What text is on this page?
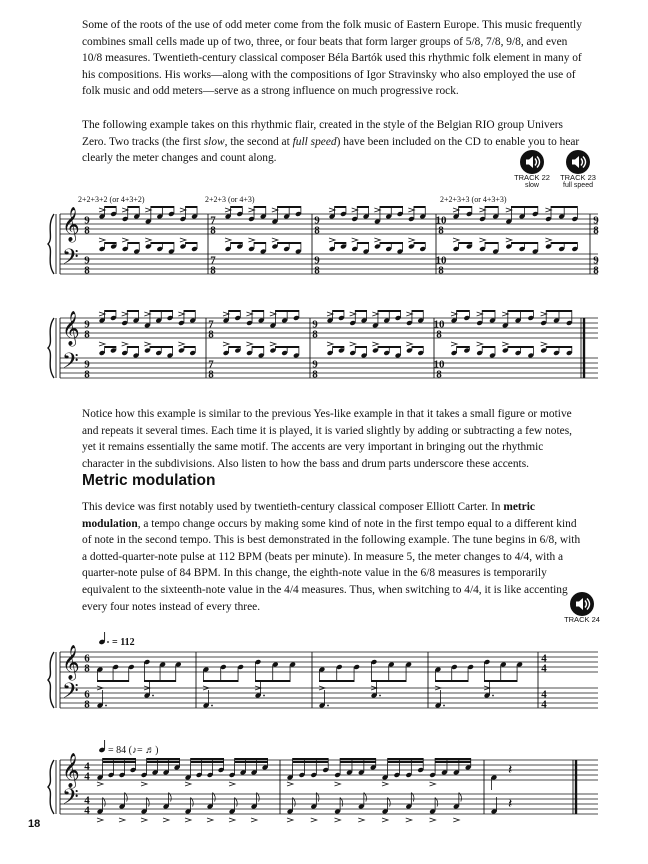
Some of the roots of the use of odd meter come from the folk music of Eastern Europe. This music frequently combines small cells made up of two, three, or four beats that form larger groups of 5/8, 7/8, 9/8, and even 10/8 measures. Twentieth-century classical composer Béla Bartók used this rhythmic folk element in many of his compositions. His works—along with the compositions of Igor Stravinsky who also employed the use of folk music and odd meters—serve as a strong influence on much progressive rock.

The following example takes on this rhythmic flair, created in the style of the Belgian RIO group Univers Zero. Two tracks (the first slow, the second at full speed) have been included on the CD to enable you to hear clearly the meter changes and count along.

TRACK 22
slow
TRACK 23
full speed
2+2+3+2 (or 4+3+2)	2+2+3 (or 4+3)	2+2+3+3 (or 4+3+3)
𝄞
𝄢
9
8
9
8
7
8
7
8
9
8
9
8
10
8
10
8
9
8
9
8
𝄞
𝄢
9
8
9
8
7
8
7
8
9
8
9
8
10
8
10
8

Notice how this example is similar to the previous Yes-like example in that it takes a small figure or motive and repeats it several times. Each time it is played, it is varied slightly by adding or subtracting a few notes, yet it remains essentially the same motif. The accents are very important in bringing out the rhythmic character in the subdivisions. Also listen to how the bass and drum parts underscore these accents.

Metric modulation

This device was first notably used by twentieth-century classical composer Elliott Carter. In metric modulation, a tempo change occurs by making some kind of note in the first tempo equal to a different kind of note in the second tempo. This is best demonstrated in the following example. The tune begins in 6/8, with a dotted-quarter-note pulse at 112 BPM (beats per minute). In measure 5, the meter changes to 4/4, with a quarter-note pulse of 84 BPM. In this change, the eighth-note value in the 6/8 measures is temporarily equivalent to the sixteenth-note value in the 4/4 measures. Thus, when switching to 4/4, it is like accenting every four notes instead of every three.

TRACK 24
= 112
𝄞
𝄢
6
8
6
8
4
4
4
4
= 84 (♪= ♬)
𝄞
𝄢
4
4
4
4
𝄽
𝄽
18
